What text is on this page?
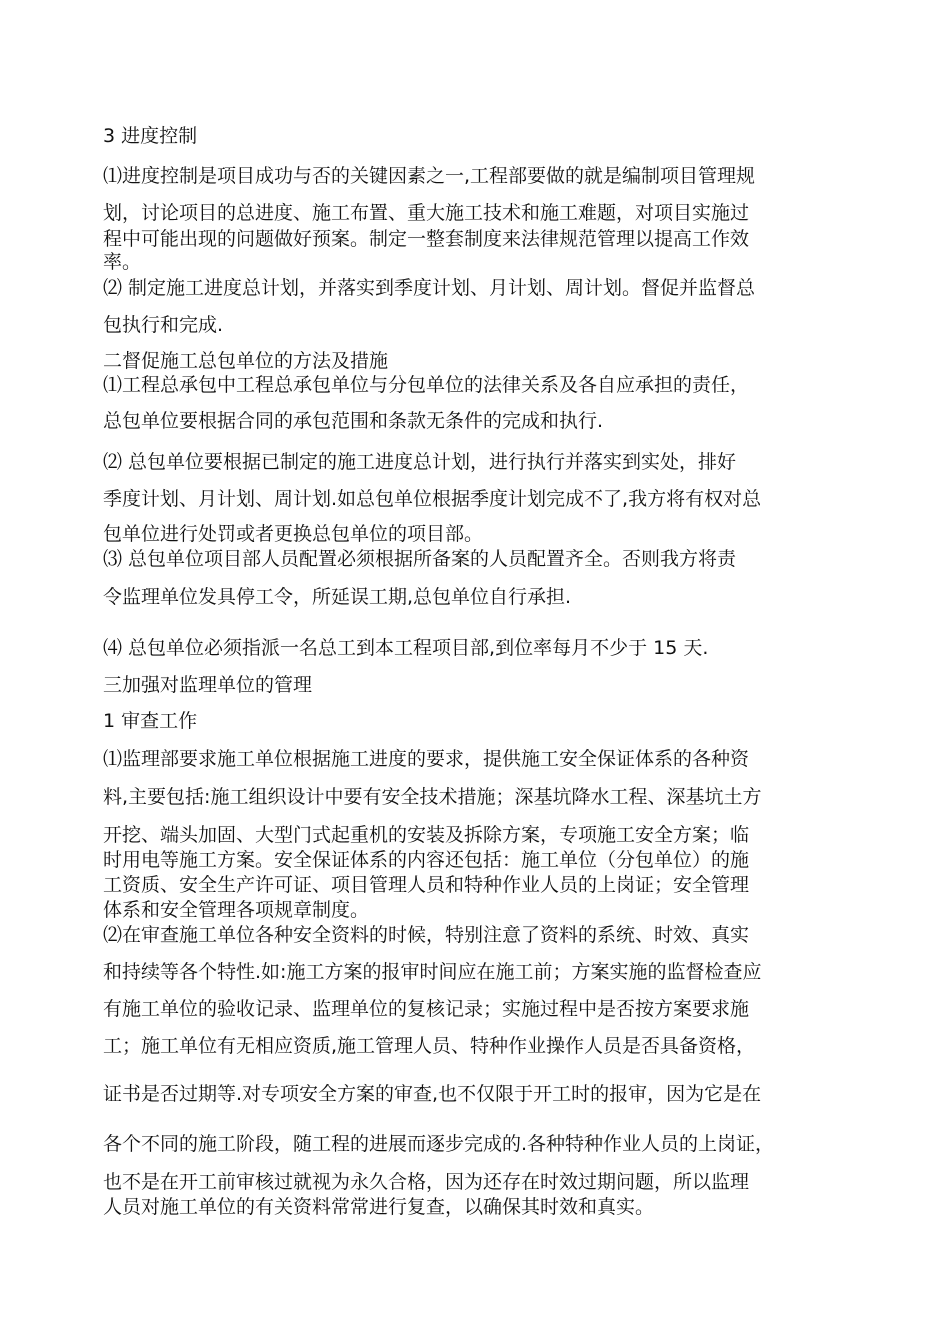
3 进度控制
⑴进度控制是项目成功与否的关键因素之一,工程部要做的就是编制项目管理规
划，讨论项目的总进度、施工布置、重大施工技术和施工难题，对项目实施过
程中可能出现的问题做好预案。制定一整套制度来法律规范管理以提高工作效
率。
⑵ 制定施工进度总计划，并落实到季度计划、月计划、周计划。督促并监督总
包执行和完成.
二督促施工总包单位的方法及措施
⑴工程总承包中工程总承包单位与分包单位的法律关系及各自应承担的责任，
总包单位要根据合同的承包范围和条款无条件的完成和执行.
⑵ 总包单位要根据已制定的施工进度总计划，进行执行并落实到实处，排好
季度计划、月计划、周计划.如总包单位根据季度计划完成不了,我方将有权对总
包单位进行处罚或者更换总包单位的项目部。
⑶ 总包单位项目部人员配置必须根据所备案的人员配置齐全。否则我方将责
令监理单位发具停工令，所延误工期,总包单位自行承担.
⑷ 总包单位必须指派一名总工到本工程项目部,到位率每月不少于 15 天.
三加强对监理单位的管理
1 审查工作
⑴监理部要求施工单位根据施工进度的要求，提供施工安全保证体系的各种资
料,主要包括:施工组织设计中要有安全技术措施；深基坑降水工程、深基坑土方
开挖、端头加固、大型门式起重机的安装及拆除方案，专项施工安全方案；临
时用电等施工方案。安全保证体系的内容还包括：施工单位（分包单位）的施
工资质、安全生产许可证、项目管理人员和特种作业人员的上岗证；安全管理
体系和安全管理各项规章制度。
⑵在审查施工单位各种安全资料的时候，特别注意了资料的系统、时效、真实
和持续等各个特性.如:施工方案的报审时间应在施工前；方案实施的监督检查应
有施工单位的验收记录、监理单位的复核记录；实施过程中是否按方案要求施
工；施工单位有无相应资质,施工管理人员、特种作业操作人员是否具备资格，
证书是否过期等.对专项安全方案的审查,也不仅限于开工时的报审，因为它是在
各个不同的施工阶段，随工程的进展而逐步完成的.各种特种作业人员的上岗证，
也不是在开工前审核过就视为永久合格，因为还存在时效过期问题，所以监理
人员对施工单位的有关资料常常进行复查，以确保其时效和真实。
